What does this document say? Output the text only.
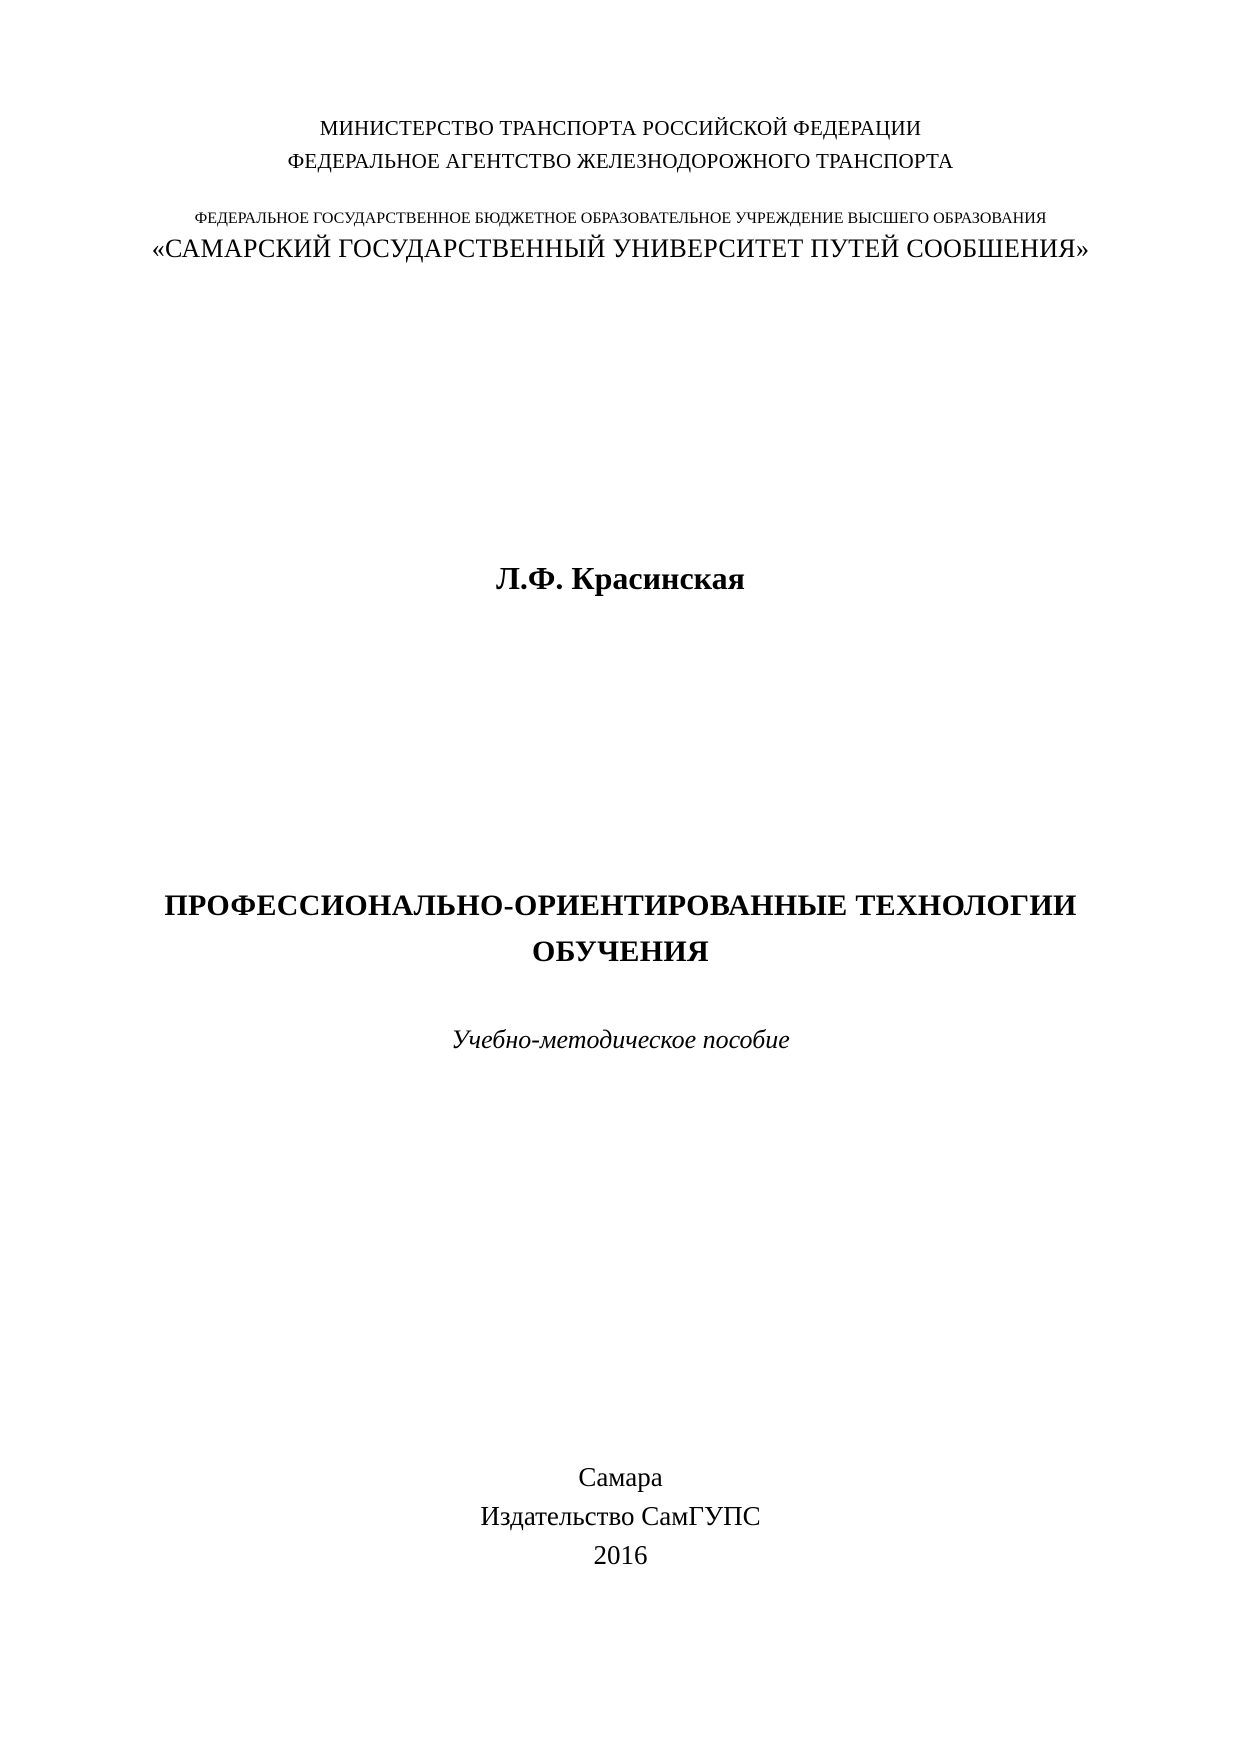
МИНИСТЕРСТВО ТРАНСПОРТА РОССИЙСКОЙ ФЕДЕРАЦИИ
ФЕДЕРАЛЬНОЕ АГЕНТСТВО ЖЕЛЕЗНОДОРОЖНОГО ТРАНСПОРТА
ФЕДЕРАЛЬНОЕ ГОСУДАРСТВЕННОЕ БЮДЖЕТНОЕ ОБРАЗОВАТЕЛЬНОЕ УЧРЕЖДЕНИЕ ВЫСШЕГО ОБРАЗОВАНИЯ
«САМАРСКИЙ ГОСУДАРСТВЕННЫЙ УНИВЕРСИТЕТ ПУТЕЙ СООБШЕНИЯ»
Л.Ф. Красинская
ПРОФЕССИОНАЛЬНО-ОРИЕНТИРОВАННЫЕ ТЕХНОЛОГИИ
ОБУЧЕНИЯ
Учебно-методическое пособие
Самара
Издательство СамГУПС
2016
